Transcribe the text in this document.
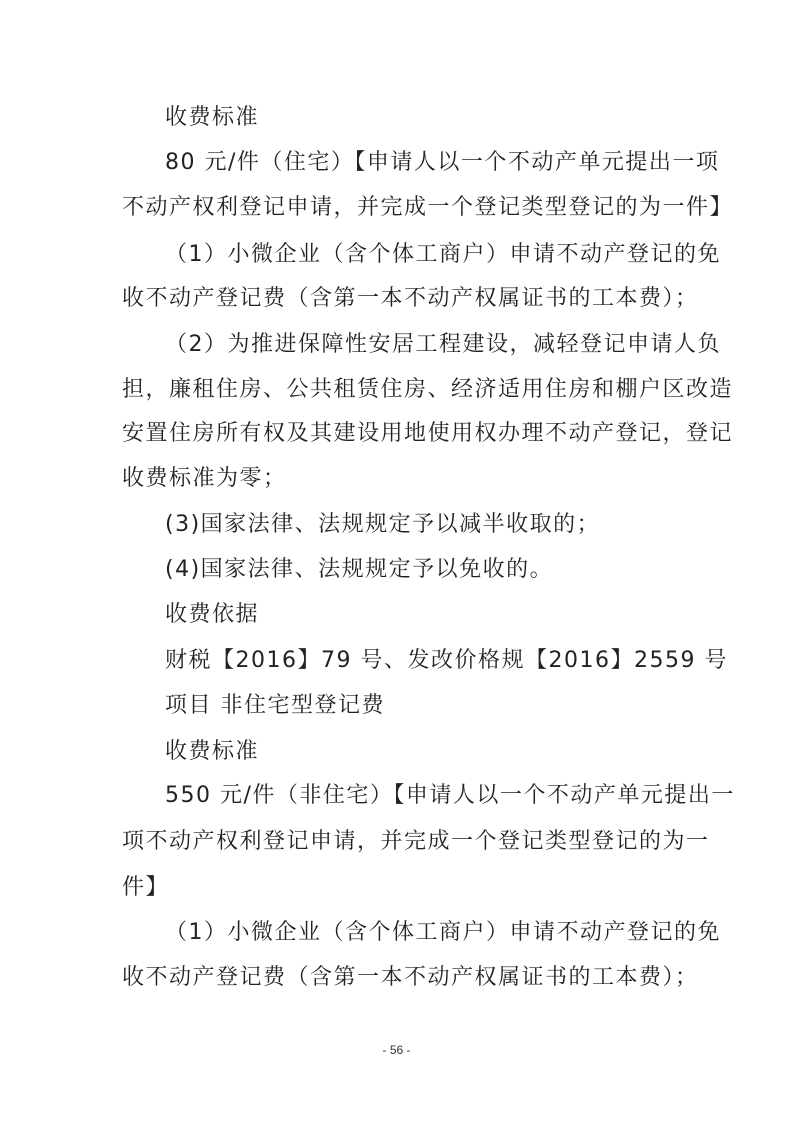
收费标准
80 元/件（住宅）【申请人以一个不动产单元提出一项
不动产权利登记申请，并完成一个登记类型登记的为一件】
（1）小微企业（含个体工商户）申请不动产登记的免
收不动产登记费（含第一本不动产权属证书的工本费）；
（2）为推进保障性安居工程建设，减轻登记申请人负
担，廉租住房、公共租赁住房、经济适用住房和棚户区改造
安置住房所有权及其建设用地使用权办理不动产登记，登记
收费标准为零；
(3)国家法律、法规规定予以减半收取的；
(4)国家法律、法规规定予以免收的。
收费依据
财税【2016】79 号、发改价格规【2016】2559 号
项目 非住宅型登记费
收费标准
550 元/件（非住宅）【申请人以一个不动产单元提出一
项不动产权利登记申请，并完成一个登记类型登记的为一
件】
（1）小微企业（含个体工商户）申请不动产登记的免
收不动产登记费（含第一本不动产权属证书的工本费）；
- 56 -
